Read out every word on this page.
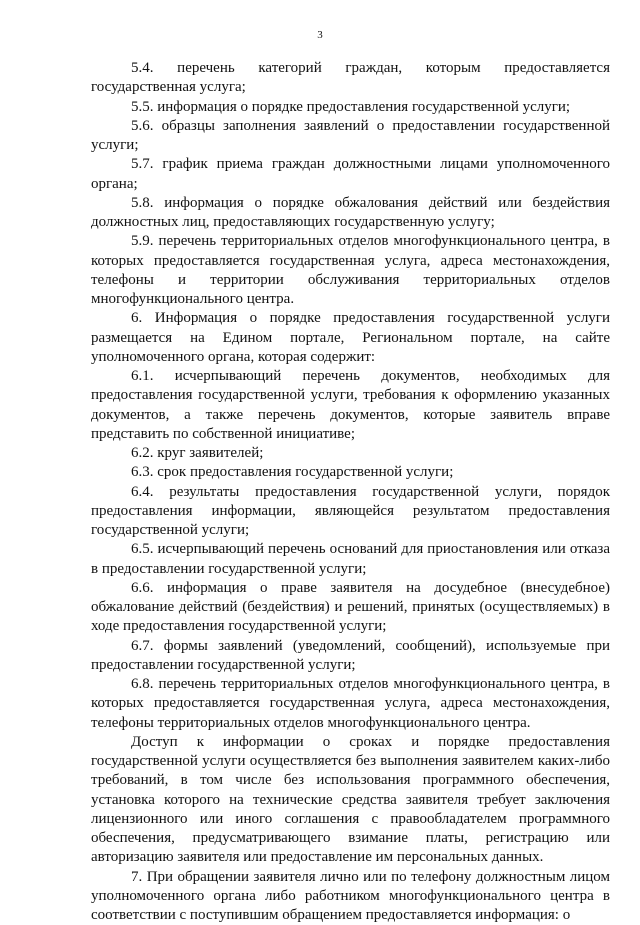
3

5.4. перечень категорий граждан, которым предоставляется государственная услуга;

5.5. информация о порядке предоставления государственной услуги;

5.6. образцы заполнения заявлений о предоставлении государственной услуги;

5.7. график приема граждан должностными лицами уполномоченного органа;

5.8. информация о порядке обжалования действий или бездействия должностных лиц, предоставляющих государственную услугу;

5.9. перечень территориальных отделов многофункционального центра, в которых предоставляется государственная услуга, адреса местонахождения, телефоны и территории обслуживания территориальных отделов многофункционального центра.

6. Информация о порядке предоставления государственной услуги размещается на Едином портале, Региональном портале, на сайте уполномоченного органа, которая содержит:

6.1. исчерпывающий перечень документов, необходимых для предоставления государственной услуги, требования к оформлению указанных документов, а также перечень документов, которые заявитель вправе представить по собственной инициативе;

6.2. круг заявителей;

6.3. срок предоставления государственной услуги;

6.4. результаты предоставления государственной услуги, порядок предоставления информации, являющейся результатом предоставления государственной услуги;

6.5. исчерпывающий перечень оснований для приостановления или отказа в предоставлении государственной услуги;

6.6. информация о праве заявителя на досудебное (внесудебное) обжалование действий (бездействия) и решений, принятых (осуществляемых) в ходе предоставления государственной услуги;

6.7. формы заявлений (уведомлений, сообщений), используемые при предоставлении государственной услуги;

6.8. перечень территориальных отделов многофункционального центра, в которых предоставляется государственная услуга, адреса местонахождения, телефоны территориальных отделов многофункционального центра.

Доступ к информации о сроках и порядке предоставления государственной услуги осуществляется без выполнения заявителем каких-либо требований, в том числе без использования программного обеспечения, установка которого на технические средства заявителя требует заключения лицензионного или иного соглашения с правообладателем программного обеспечения, предусматривающего взимание платы, регистрацию или авторизацию заявителя или предоставление им персональных данных.

7. При обращении заявителя лично или по телефону должностным лицом уполномоченного органа либо работником многофункционального центра в соответствии с поступившим обращением предоставляется информация: о
